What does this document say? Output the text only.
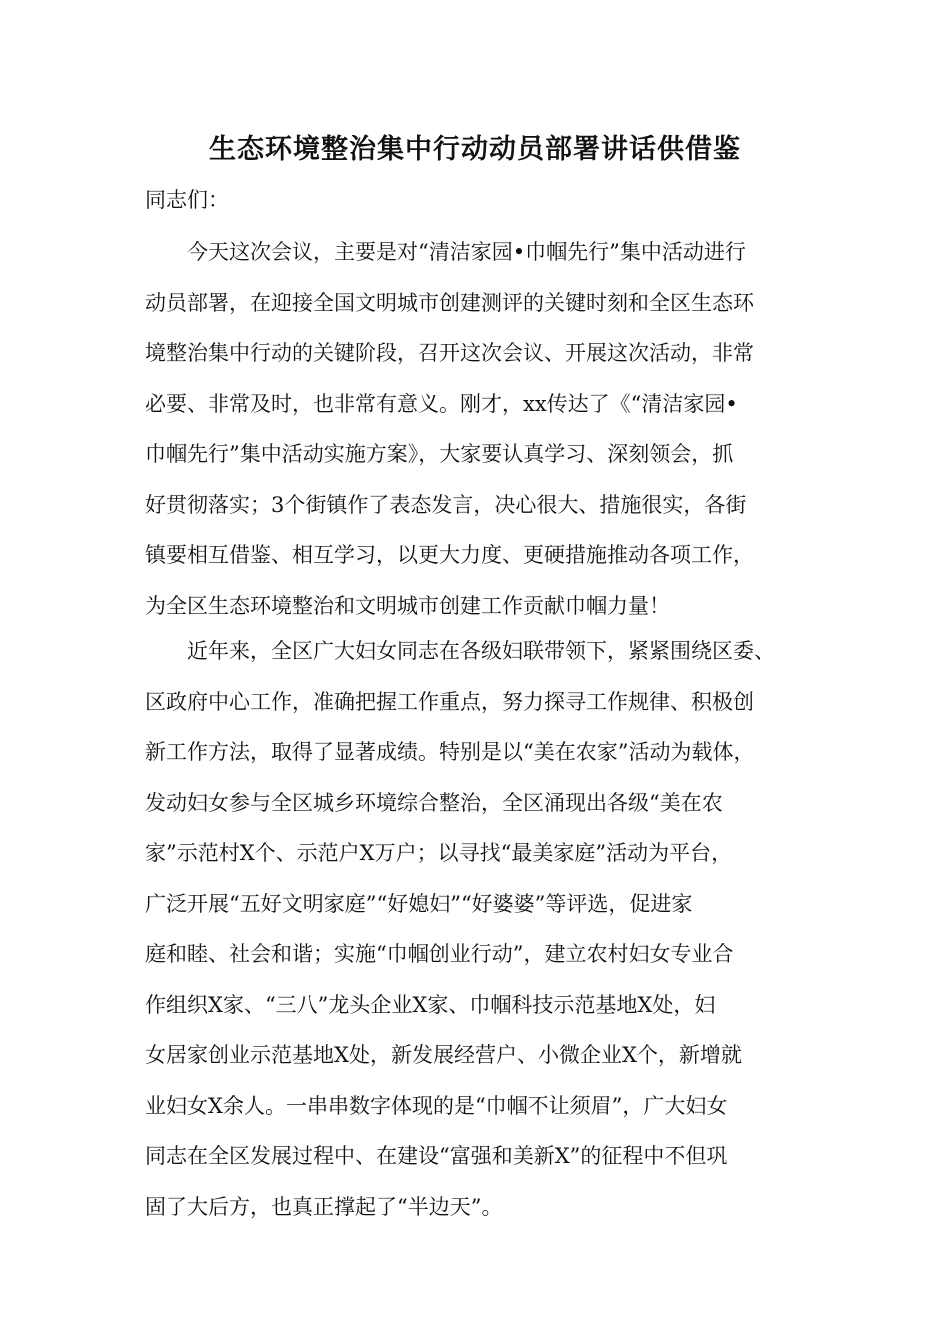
生态环境整治集中行动动员部署讲话供借鉴
同志们：
今天这次会议，主要是对“清洁家园•巾帼先行”集中活动进行
动员部署，在迎接全国文明城市创建测评的关键时刻和全区生态环
境整治集中行动的关键阶段，召开这次会议、开展这次活动，非常
必要、非常及时，也非常有意义。刚才，xx传达了《“清洁家园•
巾帼先行”集中活动实施方案》，大家要认真学习、深刻领会，抓
好贯彻落实；3个街镇作了表态发言，决心很大、措施很实，各街
镇要相互借鉴、相互学习，以更大力度、更硬措施推动各项工作，
为全区生态环境整治和文明城市创建工作贡献巾帼力量！
近年来，全区广大妇女同志在各级妇联带领下，紧紧围绕区委、
区政府中心工作，准确把握工作重点，努力探寻工作规律、积极创
新工作方法，取得了显著成绩。特别是以“美在农家”活动为载体，
发动妇女参与全区城乡环境综合整治，全区涌现出各级“美在农
家”示范村X个、示范户X万户；以寻找“最美家庭”活动为平台，
广泛开展“五好文明家庭”“好媳妇”“好婆婆”等评选，促进家
庭和睦、社会和谐；实施“巾帼创业行动”，建立农村妇女专业合
作组织X家、“三八”龙头企业X家、巾帼科技示范基地X处，妇
女居家创业示范基地X处，新发展经营户、小微企业X个，新增就
业妇女X余人。一串串数字体现的是“巾帼不让须眉”，广大妇女
同志在全区发展过程中、在建设“富强和美新X”的征程中不但巩
固了大后方，也真正撑起了“半边天”。
